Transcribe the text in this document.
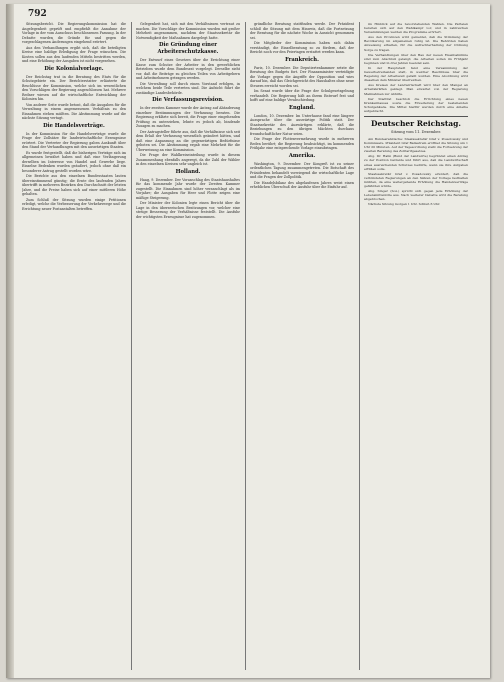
792
Sitzungsbericht. Die Regierungskommission hat die Angelegenheit geprüft und empfiehlt die Annahme der Vorlage in der vom Ausschuss beschlossenen Fassung. In der Debatte wurden die Gründe für und gegen die vorgeschlagenen Änderungen eingehend erörtert.
Aus den Verhandlungen ergibt sich, daß die beteiligten Kreise eine baldige Erledigung der Frage wünschen. Die Kosten sollen aus den laufenden Mitteln bestritten werden, und eine Erhöhung der Ausgaben ist nicht vorgesehen.
Die Kolonialvorlage.
Der Reichstag trat in die Beratung des Etats für die Schutzgebiete ein. Der Berichterstatter erläuterte die Beschlüsse der Kommission, welche sich im wesentlichen den Vorschlägen der Regierung angeschlossen hat. Mehrere Redner wiesen auf die wirtschaftliche Entwicklung der Kolonien hin.
Von anderer Seite wurde betont, daß die Ausgaben für die Verwaltung in einem angemessenen Verhältnis zu den Einnahmen stehen müßten. Die Abstimmung wurde auf die nächste Sitzung vertagt.
Die Handelsverträge.
In der Kommission für die Handelsverträge wurde die Frage der Zollsätze für landwirtschaftliche Erzeugnisse erörtert. Die Vertreter der Regierung gaben Auskunft über den Stand der Verhandlungen mit den auswärtigen Staaten.
Es wurde festgestellt, daß die bisherigen Verträge sich im allgemeinen bewährt haben und daß eine Verlängerung derselben im Interesse von Handel und Gewerbe liege. Einzelne Bedenken wurden geäußert, jedoch ohne daß ein besonderer Antrag gestellt worden wäre.
Die Berichte aus den einzelnen Bundesstaaten lauten übereinstimmend günstig; die Ernte des laufenden Jahres übertrifft in mehreren Bezirken den Durchschnitt der letzten Jahre, und die Preise haben sich auf einer mittleren Höhe gehalten.
Zum Schluß der Sitzung wurden einige Petitionen erledigt, welche die Verbesserung der Verkehrswege und die Errichtung neuer Postanstalten betreffen.
Gelegenheit hat, sich mit den Verhältnissen vertraut zu machen. Die Vorschläge der Kommission wurden mit großer Mehrheit angenommen, nachdem der Staatssekretär die Notwendigkeit der Maßnahmen dargelegt hatte.
Die Gründung einer Arbeiterschutzkasse.
Der Entwurf eines Gesetzes über die Errichtung einer Kasse zum Schutze der Arbeiter in den gewerblichen Betrieben wurde dem Bundesrat vorgelegt. Derselbe sieht vor, daß die Beiträge zu gleichen Teilen von Arbeitgebern und Arbeitnehmern getragen werden.
Die Verwaltung soll durch einen Vorstand erfolgen, in welchem beide Teile vertreten sind. Die Aufsicht führt die zuständige Landesbehörde.
Die Verfassungsrevision.
In der zweiten Kammer wurde der Antrag auf Abänderung einzelner Bestimmungen der Verfassung beraten. Die Regierung erklärte sich bereit, die Frage einer eingehenden Prüfung zu unterziehen, lehnte es jedoch ab, bindende Zusagen zu machen.
Der Antragsteller führte aus, daß die Verhältnisse sich seit dem Erlaß der Verfassung wesentlich geändert hätten, und daß eine Anpassung an die gegenwärtigen Bedürfnisse geboten sei. Die Abstimmung ergab eine Mehrheit für die Überweisung an eine Kommission.
Die Frage der Wahlkreiseinteilung wurde in diesem Zusammenhang ebenfalls angeregt, da die Zahl der Wähler in den einzelnen Kreisen sehr ungleich ist.
Holland.
Haag, 9. Dezember. Der Voranschlag des Staatshaushaltes für das kommende Jahr wurde der Zweiten Kammer zugestellt. Die Einnahmen sind höher veranschlagt als im Vorjahre; die Ausgaben für Heer und Flotte zeigen eine mäßige Steigerung.
Der Minister der Kolonien legte einen Bericht über die Lage in den überseeischen Besitzungen vor, welcher eine stetige Besserung der Verhältnisse feststellt. Die Ausfuhr der wichtigsten Erzeugnisse hat zugenommen.
gründliche Beratung stattfinden werde. Der Präsident schloß die Sitzung mit dem Hinweis, daß die Fortsetzung der Beratung für die nächste Woche in Aussicht genommen sei.
Die Mitglieder der Kommission haben sich dahin verständigt, die Einzelberatung so zu fördern, daß der Bericht noch vor den Feiertagen erstattet werden kann.
Frankreich.
Paris, 10. Dezember. Die Deputiertenkammer setzte die Beratung des Budgets fort. Der Finanzminister verteidigte die Vorlage gegen die Angriffe der Opposition und wies darauf hin, daß das Gleichgewicht des Haushaltes ohne neue Steuern erreicht worden sei.
Im Senat wurde über die Frage der Schulgesetzgebung verhandelt. Die Regierung hält an ihrem Entwurf fest und hofft auf eine baldige Verabschiedung.
England.
London, 10. Dezember. Im Unterhause fand eine längere Aussprache über die auswärtige Politik statt. Der Staatssekretär des Auswärtigen erklärte, daß die Beziehungen zu den übrigen Mächten durchaus freundschaftlicher Natur seien.
Die Frage der Flottenvermehrung wurde in mehreren Reden berührt; die Regierung beabsichtigt, im kommenden Frühjahr eine entsprechende Vorlage einzubringen.
Amerika.
Washington, 9. Dezember. Der Kongreß ist zu seiner ordentlichen Tagung zusammengetreten. Die Botschaft des Präsidenten behandelt vorwiegend die wirtschaftliche Lage und die Fragen der Zollpolitik.
Die Handelsbilanz des abgelaufenen Jahres weist einen erheblichen Überschuß der Ausfuhr über die Einfuhr auf.
im Hinblick auf die bevorstehenden Wahlen. Die Parteien bereiten sich auf den Wahlkampf vor, und in zahlreichen Versammlungen werden die Programme erörtert.
Aus den Provinzen wird gemeldet, daß die Stimmung der Bevölkerung im allgemeinen ruhig ist. Die Behörden haben Anweisung erhalten, für die Aufrechterhaltung der Ordnung Sorge zu tragen.
Die Verhandlungen über den Bau der neuen Eisenbahnlinie sind zum Abschluß gelangt; die Arbeiten sollen im Frühjahr beginnen und in drei Jahren beendet sein.
In der Hauptstadt fand eine Versammlung der Gewerbetreibenden statt, in welcher Beschlüsse über die Regelung der Arbeitszeit gefaßt wurden. Eine Abordnung wird dieselben dem Minister überreichen.
Aus Kreisen der Landwirtschaft wird über den Mangel an Arbeitskräften geklagt. Man erwartet von der Regierung Maßnahmen zur Abhilfe.
Der Stadtrat beschloß die Errichtung eines neuen Krankenhauses sowie die Erweiterung der bestehenden Schulgebäude. Die Mittel hierfür werden durch eine Anleihe aufgebracht.
Deutscher Reichstag.
Sitzung vom 11. Dezember.
Am Bundesratstische: Staatssekretär Graf v. Posadowsky und Kommissare. Präsident Graf Ballestrem eröffnet die Sitzung um 1 Uhr 20 Minuten. Auf der Tagesordnung steht die Fortsetzung der zweiten Beratung des Zolltarifgesetzes.
Abg. Dr. Hahn (Bund der Landwirte) begründet einen Antrag zu der Position Getreide und führt aus, daß die Landwirtschaft eines ausreichenden Schutzes bedürfe, wenn sie ihre Aufgaben erfüllen solle.
Staatssekretär Graf v. Posadowsky erwidert, daß die verbündeten Regierungen an den Sätzen der Vorlage festhalten müßten, da eine weitergehende Erhöhung die Handelsverträge gefährden würde.
Abg. Singer (Soz.) spricht sich gegen jede Erhöhung der Lebensmittelzölle aus. Nach weiterer Debatte wird die Beratung abgebrochen.
Nächste Sitzung morgen 1 Uhr. Schluß 6 Uhr.
